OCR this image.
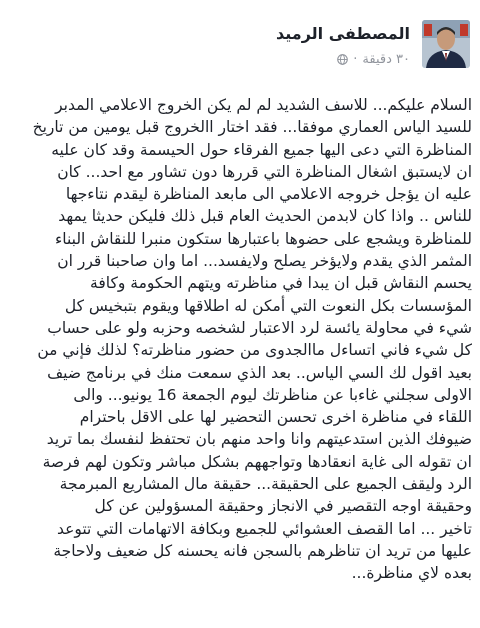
المصطفى الرميد
٣٠ دقيقة
·
السلام عليكم... للاسف الشديد لم لم يكن الخروج الاعلامي المدبر
للسيد الياس العماري موفقا... فقد اختار االخروج قبل يومين من تاريخ
المناظرة التي دعى اليها جميع الفرقاء حول الحيسمة وقد كان عليه
ان لايستبق اشغال المناظرة التي قررها دون تشاور مع احد... كان
عليه ان يؤجل خروجه الاعلامي الى مابعد المناظرة ليقدم نتاءجها
للناس .. واذا كان لابدمن الحديث العام قبل ذلك فليكن حديثا يمهد
للمناظرة ويشجع على حضوها باعتبارها ستكون منبرا للنقاش البناء
المثمر الذي يقدم ولايؤخر يصلح ولايفسد... اما وان صاحبنا قرر ان
يحسم النقاش قبل ان يبدا في مناظرته ويتهم الحكومة وكافة
المؤسسات بكل النعوت التي أمكن له اطلاقها ويقوم بتبخيس كل
شيء في محاولة يائسة لرد الاعتبار لشخصه وحزبه ولو على حساب
كل شيء فاني اتساءل ماالجدوى من حضور مناظرته؟ لذلك فإني من
بعيد اقول لك السي الياس.. بعد الذي سمعت منك في برنامج ضيف
الاولى سجلني غاءبا عن مناظرتك ليوم الجمعة 16 يونيو... والى
اللقاء في مناظرة اخرى تحسن التحضير لها على الاقل باحترام
ضيوفك الذين استدعيتهم وانا واحد منهم بان تحتفظ لنفسك بما تريد
ان تقوله الى غاية انعقادها وتواجههم بشكل مباشر وتكون لهم فرصة
الرد وليقف الجميع على الحقيقة... حقيقة مال المشاريع المبرمجة
وحقيقة اوجه التقصير في الانجاز وحقيقة المسؤولين عن كل
تاخير ... اما القصف العشوائي للجميع وبكافة الاتهامات التي تتوعد
عليها من تريد ان تناظرهم بالسجن فانه يحسنه كل ضعيف ولاحاجة
بعده لاي مناظرة...
